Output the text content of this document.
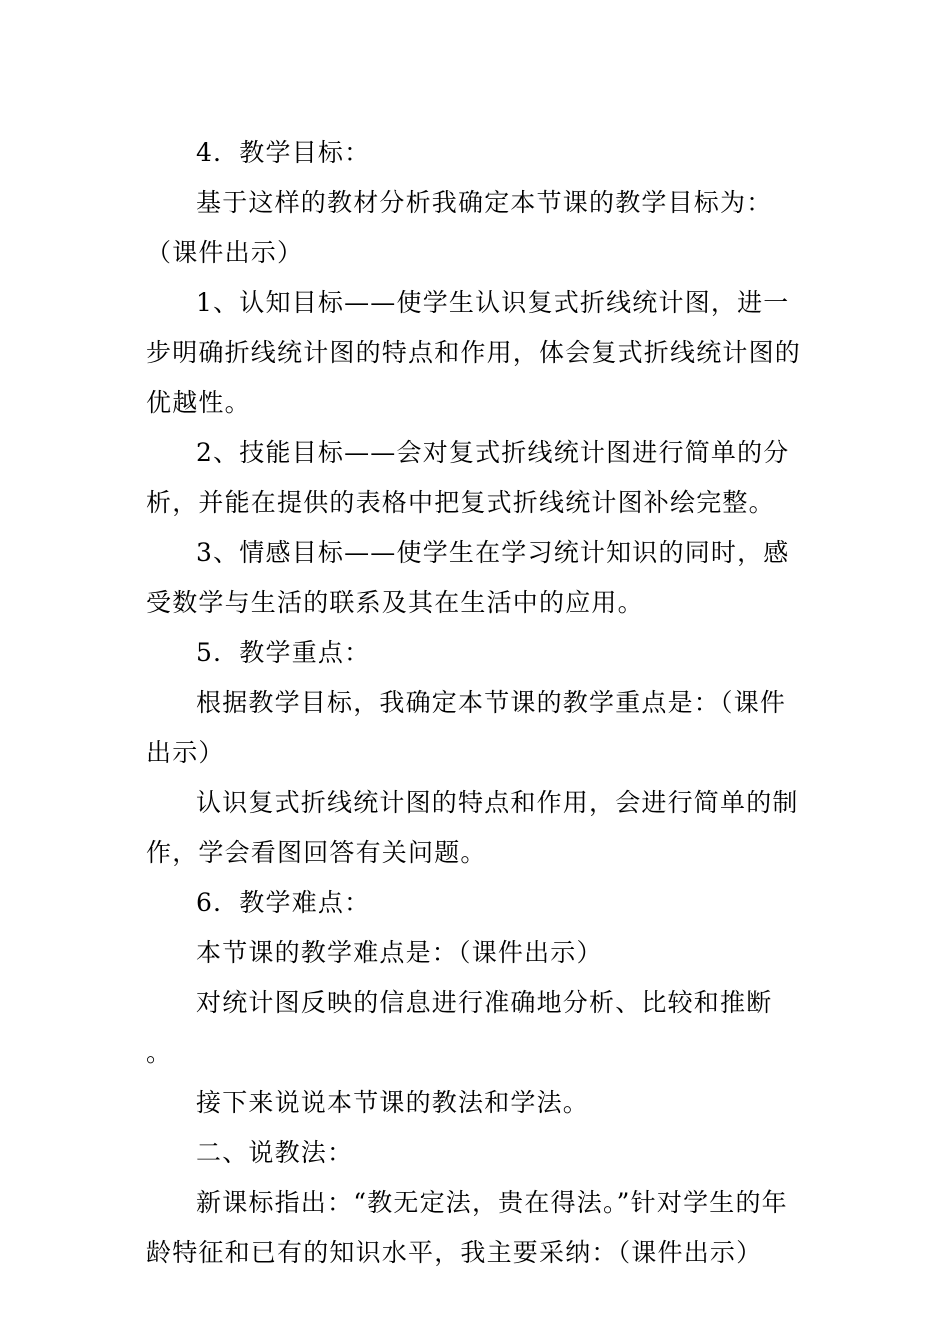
4．教学目标：

基于这样的教材分析我确定本节课的教学目标为：（课件出示）

1、认知目标——使学生认识复式折线统计图，进一步明确折线统计图的特点和作用，体会复式折线统计图的优越性。

2、技能目标——会对复式折线统计图进行简单的分析，并能在提供的表格中把复式折线统计图补绘完整。

3、情感目标——使学生在学习统计知识的同时，感受数学与生活的联系及其在生活中的应用。

5．教学重点：

根据教学目标，我确定本节课的教学重点是：（课件出示）

认识复式折线统计图的特点和作用，会进行简单的制作，学会看图回答有关问题。

6．教学难点：

本节课的教学难点是：（课件出示）

对统计图反映的信息进行准确地分析、比较和推断 。

接下来说说本节课的教法和学法。

二、说教法：

新课标指出：“教无定法，贵在得法。”针对学生的年龄特征和已有的知识水平，我主要采纳：（课件出示）
